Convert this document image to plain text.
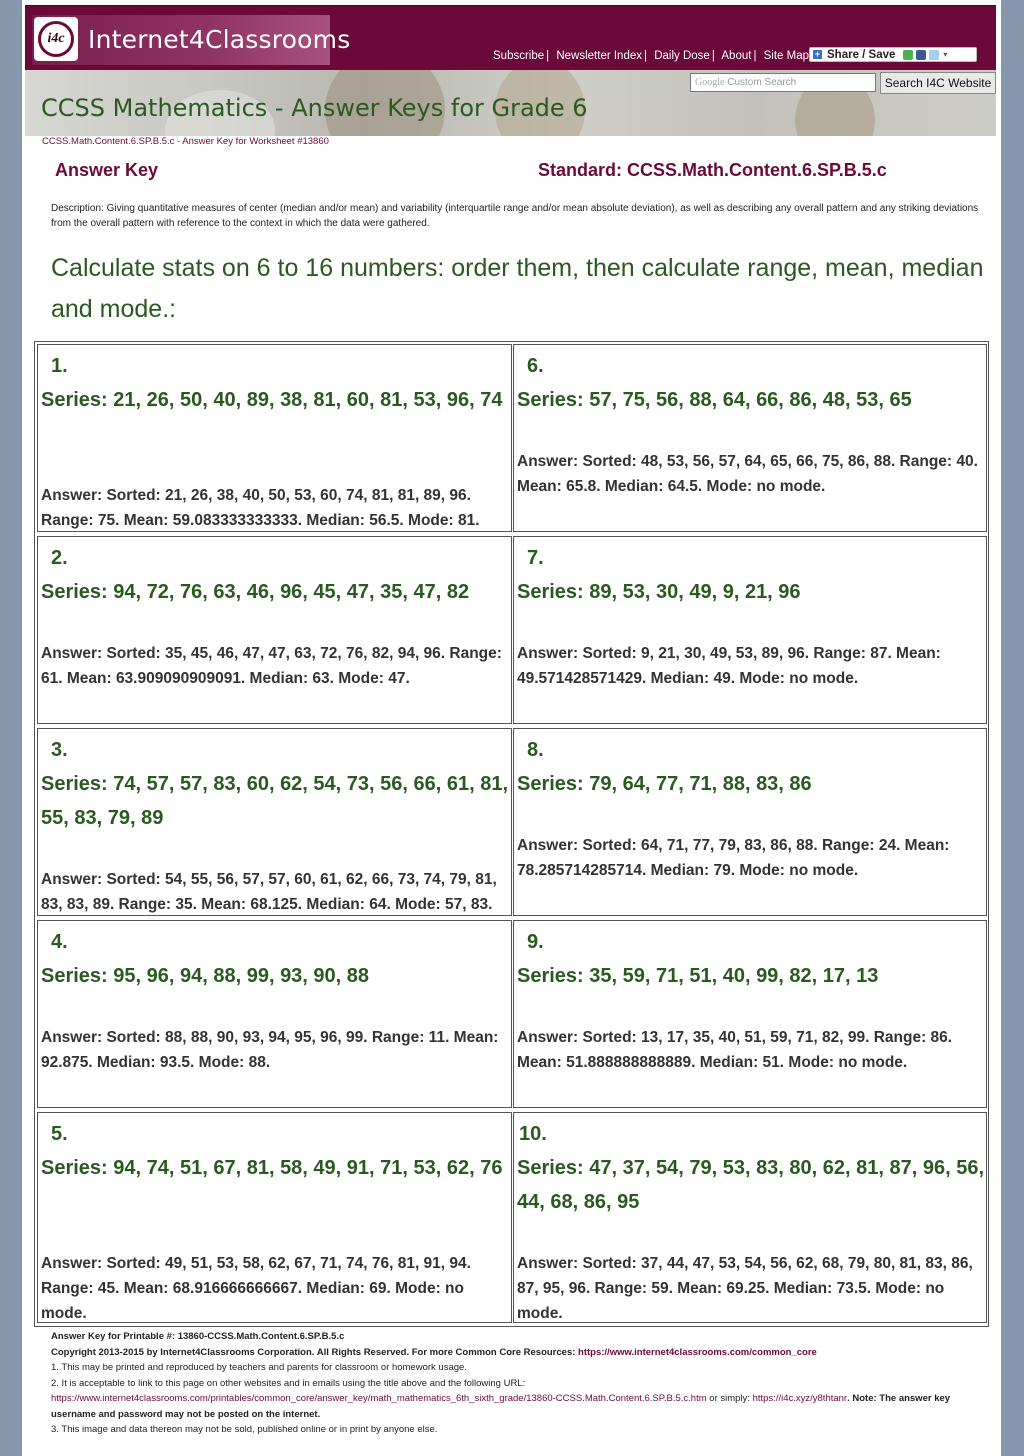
i4c Internet4Classrooms
Subscribe | Newsletter Index | Daily Dose | About | Site Map + Share / Save	▾
CCSS Mathematics - Answer Keys for Grade 6
Google Custom Search	Search I4C Website
CCSS.Math.Content.6.SP.B.5.c - Answer Key for Worksheet #13860
Answer Key	Standard: CCSS.Math.Content.6.SP.B.5.c
Description: Giving quantitative measures of center (median and/or mean) and variability (interquartile range and/or mean absolute deviation), as well as describing any overall pattern and any striking deviations from the overall pattern with reference to the context in which the data were gathered.
Calculate stats on 6 to 16 numbers: order them, then calculate range, mean, median and mode.:
1.
Series: 21, 26, 50, 40, 89, 38, 81, 60, 81, 53, 96, 74
Answer: Sorted: 21, 26, 38, 40, 50, 53, 60, 74, 81, 81, 89, 96. Range: 75. Mean: 59.083333333333. Median: 56.5. Mode: 81.
6.
Series: 57, 75, 56, 88, 64, 66, 86, 48, 53, 65
Answer: Sorted: 48, 53, 56, 57, 64, 65, 66, 75, 86, 88. Range: 40. Mean: 65.8. Median: 64.5. Mode: no mode.
2.
Series: 94, 72, 76, 63, 46, 96, 45, 47, 35, 47, 82
Answer: Sorted: 35, 45, 46, 47, 47, 63, 72, 76, 82, 94, 96. Range: 61. Mean: 63.909090909091. Median: 63. Mode: 47.
7.
Series: 89, 53, 30, 49, 9, 21, 96
Answer: Sorted: 9, 21, 30, 49, 53, 89, 96. Range: 87. Mean: 49.571428571429. Median: 49. Mode: no mode.
3.
Series: 74, 57, 57, 83, 60, 62, 54, 73, 56, 66, 61, 81, 55, 83, 79, 89
Answer: Sorted: 54, 55, 56, 57, 57, 60, 61, 62, 66, 73, 74, 79, 81, 83, 83, 89. Range: 35. Mean: 68.125. Median: 64. Mode: 57, 83.
8.
Series: 79, 64, 77, 71, 88, 83, 86
Answer: Sorted: 64, 71, 77, 79, 83, 86, 88. Range: 24. Mean: 78.285714285714. Median: 79. Mode: no mode.
4.
Series: 95, 96, 94, 88, 99, 93, 90, 88
Answer: Sorted: 88, 88, 90, 93, 94, 95, 96, 99. Range: 11. Mean: 92.875. Median: 93.5. Mode: 88.
9.
Series: 35, 59, 71, 51, 40, 99, 82, 17, 13
Answer: Sorted: 13, 17, 35, 40, 51, 59, 71, 82, 99. Range: 86. Mean: 51.888888888889. Median: 51. Mode: no mode.
5.
Series: 94, 74, 51, 67, 81, 58, 49, 91, 71, 53, 62, 76
Answer: Sorted: 49, 51, 53, 58, 62, 67, 71, 74, 76, 81, 91, 94. Range: 45. Mean: 68.916666666667. Median: 69. Mode: no mode.
10.
Series: 47, 37, 54, 79, 53, 83, 80, 62, 81, 87, 96, 56, 44, 68, 86, 95
Answer: Sorted: 37, 44, 47, 53, 54, 56, 62, 68, 79, 80, 81, 83, 86, 87, 95, 96. Range: 59. Mean: 69.25. Median: 73.5. Mode: no mode.
Answer Key for Printable #: 13860-CCSS.Math.Content.6.SP.B.5.c
Copyright 2013-2015 by Internet4Classrooms Corporation. All Rights Reserved. For more Common Core Resources: https://www.internet4classrooms.com/common_core
1. This may be printed and reproduced by teachers and parents for classroom or homework usage.
2. It is acceptable to link to this page on other websites and in emails using the title above and the following URL:
https://www.internet4classrooms.com/printables/common_core/answer_key/math_mathematics_6th_sixth_grade/13860-CCSS.Math.Content.6.SP.B.5.c.htm or simply: https://i4c.xyz/y8thtanr. Note: The answer key username and password may not be posted on the internet.
3. This image and data thereon may not be sold, published online or in print by anyone else.
